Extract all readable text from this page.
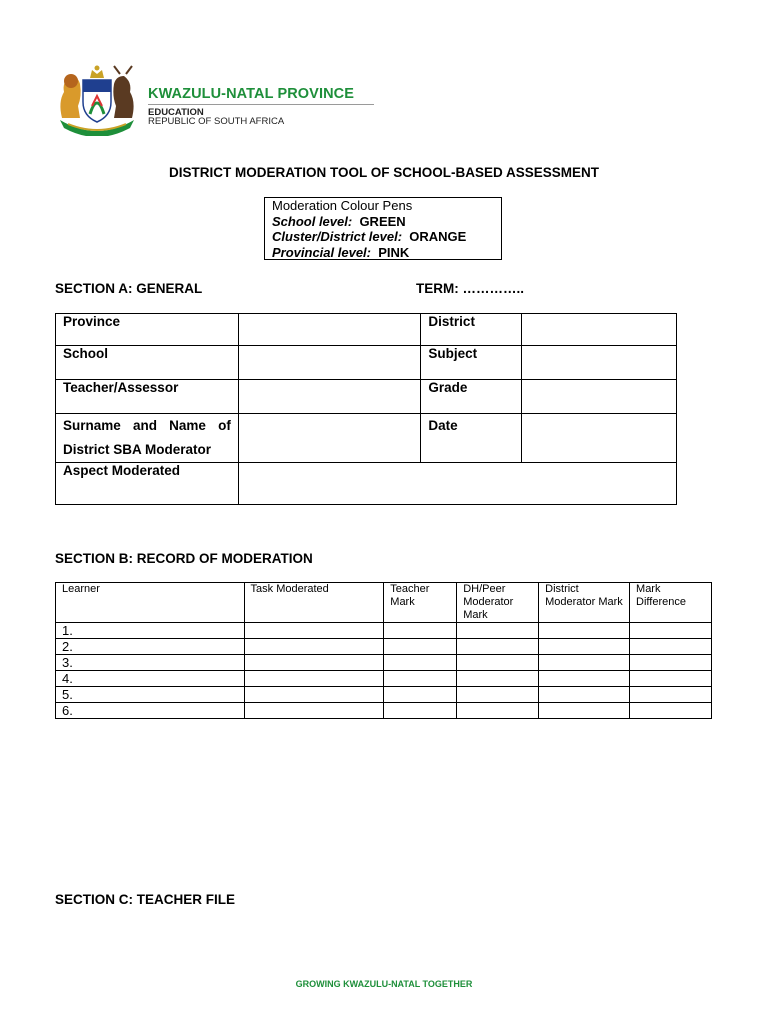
KWAZULU-NATAL PROVINCE
EDUCATION
REPUBLIC OF SOUTH AFRICA
DISTRICT MODERATION TOOL OF SCHOOL-BASED ASSESSMENT
Moderation Colour Pens
School level: GREEN
Cluster/District level: ORANGE
Provincial level: PINK
SECTION A: GENERAL	TERM: …………..
Province		District	
School		Subject	
Teacher/Assessor		Grade	

Surname and Name of
District SBA Moderator		Date	
Aspect Moderated			
SECTION B: RECORD OF MODERATION
Learner	Task Moderated	Teacher Mark	DH/Peer Moderator Mark	District Moderator Mark	Mark Difference
1.					
2.					
3.					
4.					
5.					
6.					
SECTION C: TEACHER FILE
GROWING KWAZULU-NATAL TOGETHER
